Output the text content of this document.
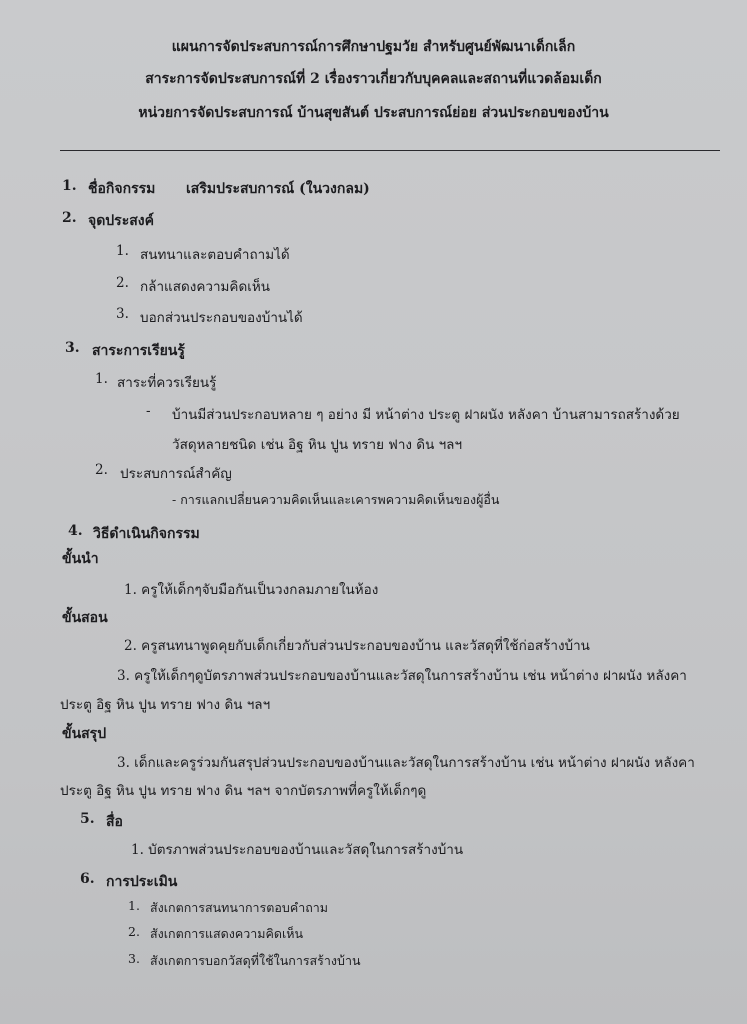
แผนการจัดประสบการณ์การศึกษาปฐมวัย สำหรับศูนย์พัฒนาเด็กเล็ก
สาระการจัดประสบการณ์ที่ 2 เรื่องราวเกี่ยวกับบุคคลและสถานที่แวดล้อมเด็ก
หน่วยการจัดประสบการณ์ บ้านสุขสันต์ ประสบการณ์ย่อย ส่วนประกอบของบ้าน
1. ชื่อกิจกรรม เสริมประสบการณ์ (ในวงกลม)
2. จุดประสงค์
1. สนทนาและตอบคำถามได้
2. กล้าแสดงความคิดเห็น
3. บอกส่วนประกอบของบ้านได้
3. สาระการเรียนรู้
1. สาระที่ควรเรียนรู้
- บ้านมีส่วนประกอบหลาย ๆ อย่าง มี หน้าต่าง ประตู ฝาผนัง หลังคา บ้านสามารถสร้างด้วย
วัสดุหลายชนิด เช่น อิฐ หิน ปูน ทราย ฟาง ดิน ฯลฯ
2. ประสบการณ์สำคัญ
- การแลกเปลี่ยนความคิดเห็นและเคารพความคิดเห็นของผู้อื่น
4. วิธีดำเนินกิจกรรม
ขั้นนำ
1. ครูให้เด็กๆจับมือกันเป็นวงกลมภายในห้อง
ขั้นสอน
2. ครูสนทนาพูดคุยกับเด็กเกี่ยวกับส่วนประกอบของบ้าน และวัสดุที่ใช้ก่อสร้างบ้าน
3. ครูให้เด็กๆดูบัตรภาพส่วนประกอบของบ้านและวัสดุในการสร้างบ้าน เช่น หน้าต่าง ฝาผนัง หลังคา
ประตู อิฐ หิน ปูน ทราย ฟาง ดิน ฯลฯ
ขั้นสรุป
3. เด็กและครูร่วมกันสรุปส่วนประกอบของบ้านและวัสดุในการสร้างบ้าน เช่น หน้าต่าง ฝาผนัง หลังคา
ประตู อิฐ หิน ปูน ทราย ฟาง ดิน ฯลฯ จากบัตรภาพที่ครูให้เด็กๆดู
5. สื่อ
1. บัตรภาพส่วนประกอบของบ้านและวัสดุในการสร้างบ้าน
6. การประเมิน
1. สังเกตการสนทนาการตอบคำถาม
2. สังเกตการแสดงความคิดเห็น
3. สังเกตการบอกวัสดุที่ใช้ในการสร้างบ้าน
